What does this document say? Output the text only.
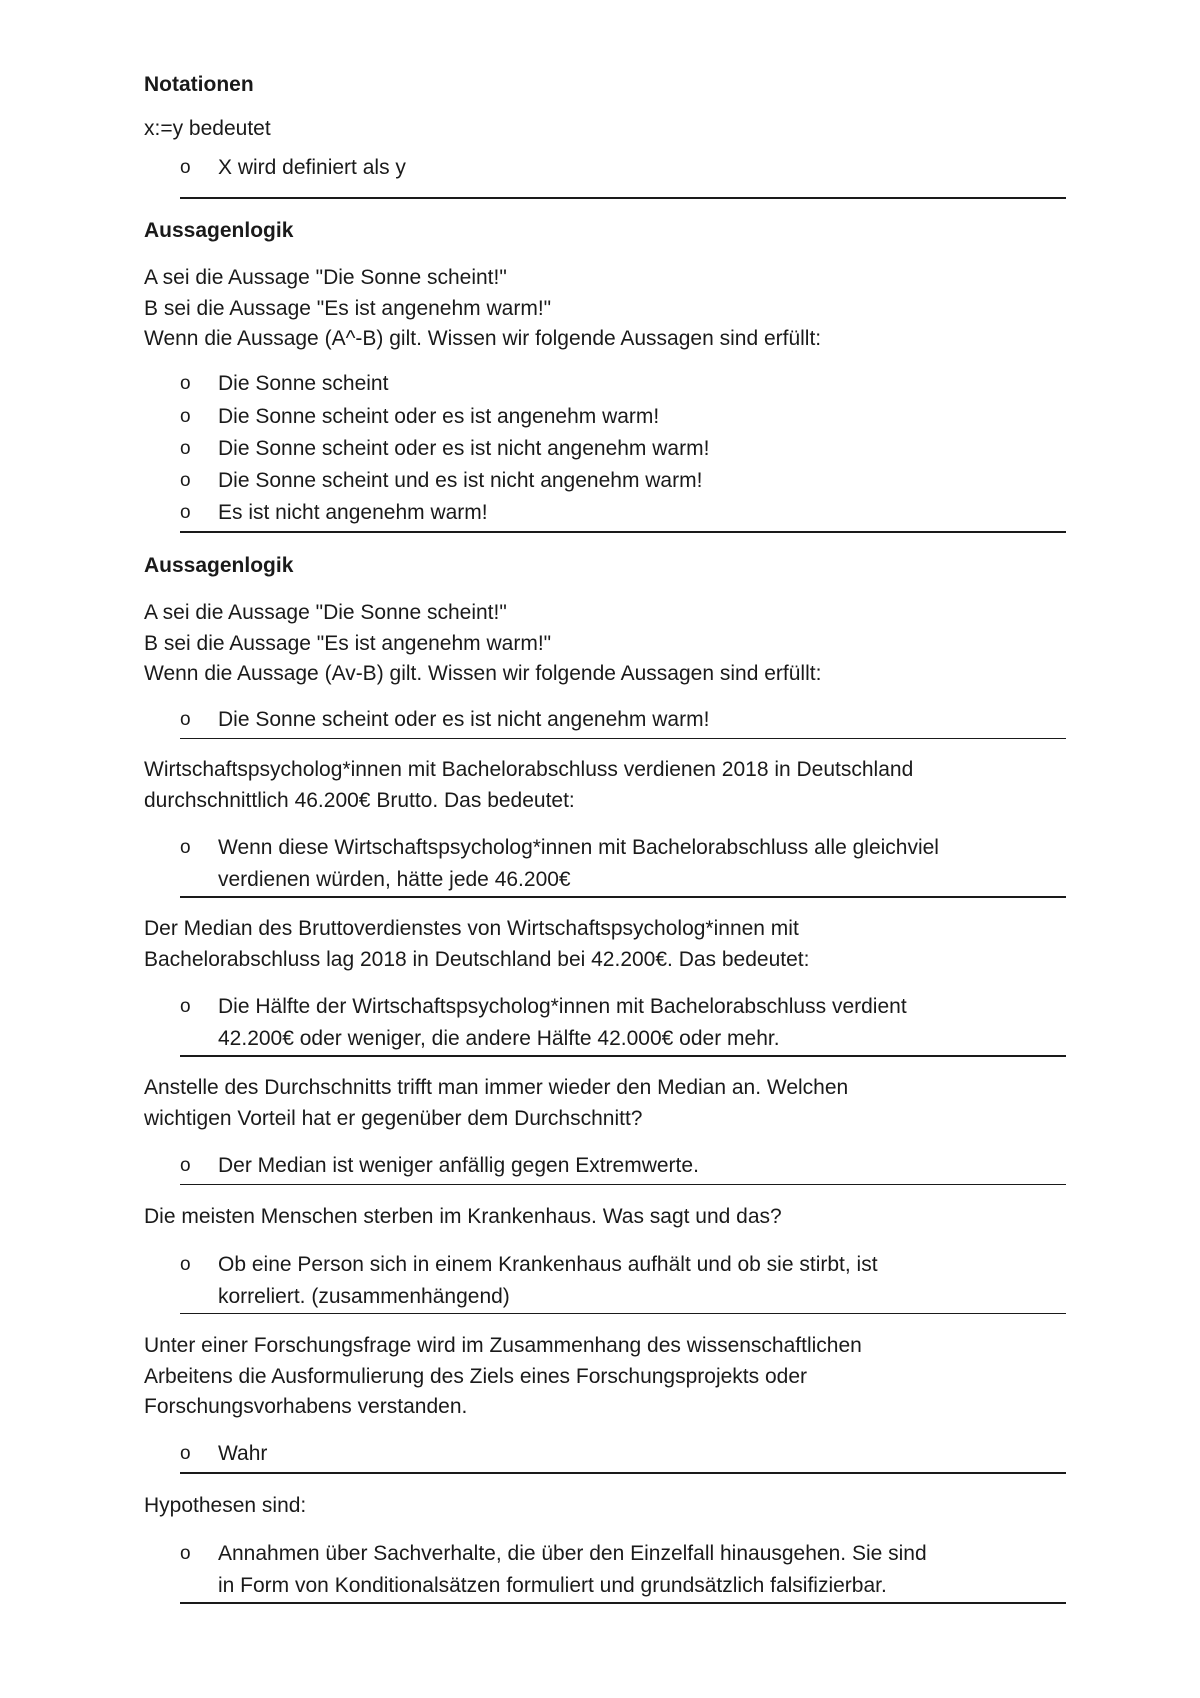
Notationen
x:=y bedeutet
o	X wird definiert als y
Aussagenlogik
A sei die Aussage "Die Sonne scheint!"
B sei die Aussage "Es ist angenehm warm!"
Wenn die Aussage (A^-B) gilt. Wissen wir folgende Aussagen sind erfüllt:
o	Die Sonne scheint
o	Die Sonne scheint oder es ist angenehm warm!
o	Die Sonne scheint oder es ist nicht angenehm warm!
o	Die Sonne scheint und es ist nicht angenehm warm!
o	Es ist nicht angenehm warm!
Aussagenlogik
A sei die Aussage "Die Sonne scheint!"
B sei die Aussage "Es ist angenehm warm!"
Wenn die Aussage (Av-B) gilt. Wissen wir folgende Aussagen sind erfüllt:
o	Die Sonne scheint oder es ist nicht angenehm warm!
Wirtschaftspsycholog*innen mit Bachelorabschluss verdienen 2018 in Deutschland
durchschnittlich 46.200€ Brutto. Das bedeutet:
o	Wenn diese Wirtschaftspsycholog*innen mit Bachelorabschluss alle gleichviel
verdienen würden, hätte jede 46.200€
Der Median des Bruttoverdienstes von Wirtschaftspsycholog*innen mit
Bachelorabschluss lag 2018 in Deutschland bei 42.200€. Das bedeutet:
o	Die Hälfte der Wirtschaftspsycholog*innen mit Bachelorabschluss verdient
42.200€ oder weniger, die andere Hälfte 42.000€ oder mehr.
Anstelle des Durchschnitts trifft man immer wieder den Median an. Welchen
wichtigen Vorteil hat er gegenüber dem Durchschnitt?
o	Der Median ist weniger anfällig gegen Extremwerte.
Die meisten Menschen sterben im Krankenhaus. Was sagt und das?
o	Ob eine Person sich in einem Krankenhaus aufhält und ob sie stirbt, ist
korreliert. (zusammenhängend)
Unter einer Forschungsfrage wird im Zusammenhang des wissenschaftlichen
Arbeitens die Ausformulierung des Ziels eines Forschungsprojekts oder
Forschungsvorhabens verstanden.
o	Wahr
Hypothesen sind:
o	Annahmen über Sachverhalte, die über den Einzelfall hinausgehen. Sie sind
in Form von Konditionalsätzen formuliert und grundsätzlich falsifizierbar.
